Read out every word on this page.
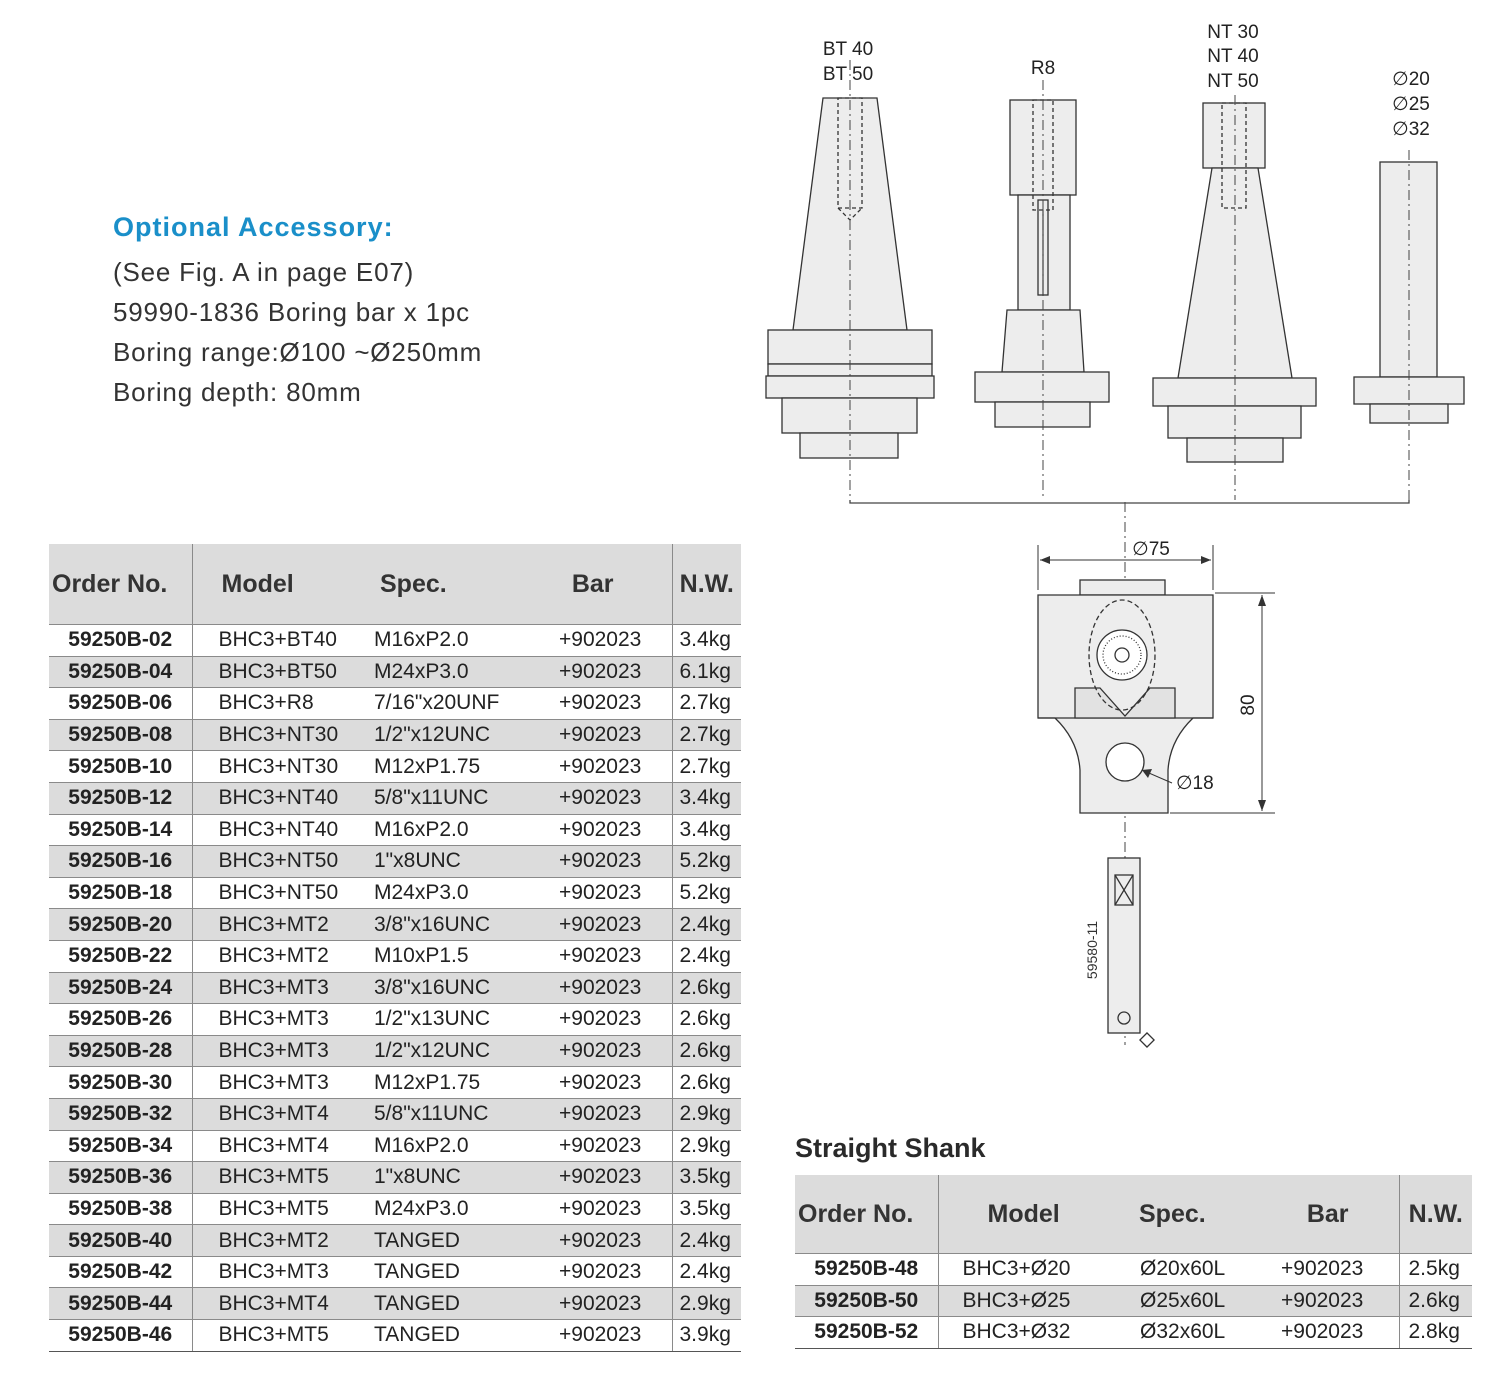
Optional Accessory:
(See Fig. A in page E07)
59990-1836 Boring bar x 1pc
Boring range:Ø100 ~Ø250mm
Boring depth: 80mm
Order No.	Model	Spec.	Bar	N.W.
59250B-02	BHC3+BT40	M16xP2.0	+902023	3.4kg
59250B-04	BHC3+BT50	M24xP3.0	+902023	6.1kg
59250B-06	BHC3+R8	7/16"x20UNF	+902023	2.7kg
59250B-08	BHC3+NT30	1/2"x12UNC	+902023	2.7kg
59250B-10	BHC3+NT30	M12xP1.75	+902023	2.7kg
59250B-12	BHC3+NT40	5/8"x11UNC	+902023	3.4kg
59250B-14	BHC3+NT40	M16xP2.0	+902023	3.4kg
59250B-16	BHC3+NT50	1"x8UNC	+902023	5.2kg
59250B-18	BHC3+NT50	M24xP3.0	+902023	5.2kg
59250B-20	BHC3+MT2	3/8"x16UNC	+902023	2.4kg
59250B-22	BHC3+MT2	M10xP1.5	+902023	2.4kg
59250B-24	BHC3+MT3	3/8"x16UNC	+902023	2.6kg
59250B-26	BHC3+MT3	1/2"x13UNC	+902023	2.6kg
59250B-28	BHC3+MT3	1/2"x12UNC	+902023	2.6kg
59250B-30	BHC3+MT3	M12xP1.75	+902023	2.6kg
59250B-32	BHC3+MT4	5/8"x11UNC	+902023	2.9kg
59250B-34	BHC3+MT4	M16xP2.0	+902023	2.9kg
59250B-36	BHC3+MT5	1"x8UNC	+902023	3.5kg
59250B-38	BHC3+MT5	M24xP3.0	+902023	3.5kg
59250B-40	BHC3+MT2	TANGED	+902023	2.4kg
59250B-42	BHC3+MT3	TANGED	+902023	2.4kg
59250B-44	BHC3+MT4	TANGED	+902023	2.9kg
59250B-46	BHC3+MT5	TANGED	+902023	3.9kg
Straight Shank
Order No.	Model	Spec.	Bar	N.W.
59250B-48	BHC3+Ø20	Ø20x60L	+902023	2.5kg
59250B-50	BHC3+Ø25	Ø25x60L	+902023	2.6kg
59250B-52	BHC3+Ø32	Ø32x60L	+902023	2.8kg
BT 40
BT 50	R8
NT 30
NT 40
NT 50	∅20
∅25
∅32
∅75
80
∅18
59580-11
